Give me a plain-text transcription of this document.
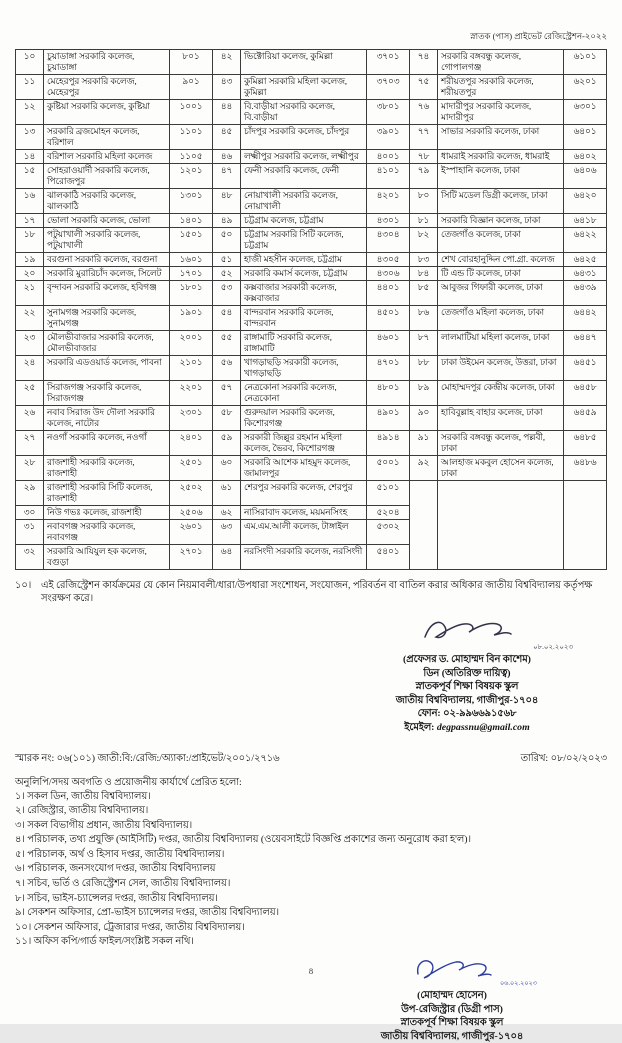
স্নাতক (পাস) প্রাইভেট রেজিস্ট্রেশন-২০২২
১০	চুয়াডাঙ্গা সরকারি কলেজ, চুয়াডাঙ্গা	৮০১	৪২	ভিক্টোরিয়া কলেজ, কুমিল্লা	৩৭০১	৭৪	সরকারি বঙ্গবন্ধু কলেজ, গোপালগঞ্জ	৬১০১
১১	মেহেরপুর সরকারি কলেজ, মেহেরপুর	৯০১	৪৩	কুমিল্লা সরকারি মহিলা কলেজ, কুমিল্লা	৩৭০৩	৭৫	শরীয়তপুর সরকারি কলেজ, শরীয়তপুর	৬২০১
১২	কুষ্টিয়া সরকারি কলেজ, কুষ্টিয়া	১০০১	৪৪	বি.বাড়ীয়া সরকারি কলেজ, বি.বাড়ীয়া	৩৮০১	৭৬	মাদারীপুর সরকারি কলেজ, মাদারীপুর	৬৩০১
১৩	সরকারি ব্রজমোহন কলেজ, বরিশাল	১১০১	৪৫	চাঁদপুর সরকারি কলেজ, চাঁদপুর	৩৯০১	৭৭	সাভার সরকারি কলেজ, ঢাকা	৬৪০১
১৪	বরিশাল সরকারি মহিলা কলেজ	১১০৫	৪৬	লক্ষ্মীপুর সরকারি কলেজ, লক্ষ্মীপুর	৪০০১	৭৮	ধামরাই সরকারি কলেজ, ধামরাই	৬৪০২
১৫	সোহরাওয়ার্দী সরকারি কলেজ, পিরোজপুর	১২০১	৪৭	ফেনী সরকারি কলেজ, ফেনী	৪১০১	৭৯	ইস্পাহানি কলেজ, ঢাকা	৬৪০৬
১৬	ঝালকাঠি সরকারি কলেজ, ঝালকাঠি	১৩০১	৪৮	নোয়াখালী সরকারি কলেজ, নোয়াখালী	৪২০১	৮০	সিটি মডেল ডিগ্রী কলেজ, ঢাকা	৬৪২০
১৭	ভোলা সরকারি কলেজ, ভোলা	১৪০১	৪৯	চট্টগ্রাম কলেজ, চট্টগ্রাম	৪৩০১	৮১	সরকারি বিজ্ঞান কলেজ, ঢাকা	৬৪১৮
১৮	পটুয়াখালী সরকারি কলেজ, পটুয়াখালী	১৫০১	৫০	চট্টগ্রাম সরকারি সিটি কলেজ, চট্টগ্রাম	৪৩০৪	৮২	তেজগাঁও কলেজ, ঢাকা	৬৪২২
১৯	বরগুনা সরকারি কলেজ, বরগুনা	১৬০১	৫১	হাজী মহসীন কলেজ, চট্টগ্রাম	৪৩০৫	৮৩	শেখ বোরহানুদ্দিন পো.গ্রা. কলেজ	৬৪২৫
২০	সরকারি মুরারিচাঁদ কলেজ, সিলেট	১৭০১	৫২	সরকারি কমার্স কলেজ, চট্টগ্রাম	৪৩০৬	৮৪	টি এন্ড টি কলেজ, ঢাকা	৬৪৩১
২১	বৃন্দাবন সরকারি কলেজ, হবিগঞ্জ	১৮০১	৫৩	কক্সবাজার সরকারী কলেজ, কক্সবাজার	৪৪০১	৮৫	আবুজর গিফারী কলেজ, ঢাকা	৬৪৩৯
২২	সুনামগঞ্জ সরকারি কলেজ, সুনামগঞ্জ	১৯০১	৫৪	বান্দরবান সরকারি কলেজ, বান্দরবান	৪৫০১	৮৬	তেজগাঁও মহিলা কলেজ, ঢাকা	৬৪৪২
২৩	মৌলভীবাজার সরকারি কলেজ, মৌলভীবাজার	২০০১	৫৫	রাঙ্গামাটি সরকারি কলেজ, রাঙ্গামাটি	৪৬০১	৮৭	লালমাটিয়া মহিলা কলেজ, ঢাকা	৬৪৪৭
২৪	সরকারি এডওয়ার্ড কলেজ, পাবনা	২১০১	৫৬	খাগড়াছড়ি সরকারী কলেজ, খাগড়াছড়ি	৪৭০১	৮৮	ঢাকা উইমেন কলেজ, উত্তরা, ঢাকা	৬৪৫১
২৫	সিরাজগঞ্জ সরকারি কলেজ, সিরাজগঞ্জ	২২০১	৫৭	নেত্রকোনা সরকারি কলেজ, নেত্রকোনা	৪৮০১	৮৯	মোহাম্মদপুর কেন্দ্রীয় কলেজ, ঢাকা	৬৪৫৮
২৬	নবাব সিরাজ উদ দৌলা সরকারি কলেজ, নাটোর	২৩০১	৫৮	গুরুদয়াল সরকারি কলেজ, কিশোরগঞ্জ	৪৯০১	৯০	হাবিবুল্লাহ বাহার কলেজ, ঢাকা	৬৪৫৯
২৭	নওগাঁ সরকারি কলেজ, নওগাঁ	২৪০১	৫৯	সরকারী জিল্লুর রহমান মহিলা কলেজ, ভৈরব, কিশোরগঞ্জ	৪৯১৪	৯১	সরকারি বঙ্গবন্ধু কলেজ, পল্লবী, ঢাকা	৬৪৮৫
২৮	রাজশাহী সরকারি কলেজ, রাজশাহী	২৫০১	৬০	সরকারি আশেক মাহমুদ কলেজ, জামালপুর	৫০০১	৯২	আলহাজ মকবুল হোসেন কলেজ, ঢাকা	৬৪৮৬
২৯	রাজশাহী সরকারি সিটি কলেজ, রাজশাহী	২৫০২	৬১	শেরপুর সরকারি কলেজ, শেরপুর	৫১০১			
৩০	নিউ গভঃ কলেজ, রাজশাহী	২৫০৬	৬২	নাসিরাবাদ কলেজ, ময়মনসিংহ	৫২০৪			
৩১	নবাবগঞ্জ সরকারি কলেজ, নবাবগঞ্জ	২৬০১	৬৩	এম.এম.আলী কলেজ, টাঙ্গাইল	৫৩০২			
৩২	সরকারি আযিযুল হক কলেজ, বগুড়া	২৭০১	৬৪	নরসিংদী সরকারি কলেজ, নরসিংদী	৫৪০১			
১০। এই রেজিস্ট্রেশন কার্যক্রমের যে কোন নিয়মাবলী/ধারা/উপধারা সংশোধন, সংযোজন, পরিবর্তন বা বাতিল করার অধিকার জাতীয় বিশ্ববিদ্যালয় কর্তৃপক্ষ সংরক্ষণ করে।
০৮.০২.২০২৩
(প্রফেসর ড. মোহাম্মদ বিন কাশেম)
ডিন (অতিরিক্ত দায়িত্ব)
স্নাতকপূর্ব শিক্ষা বিষয়ক স্কুল
জাতীয় বিশ্ববিদ্যালয়, গাজীপুর-১৭০৪
ফোন: ০২-৯৯৬৬৯১৫৬৮
ইমেইল: degpassnu@gmail.com
স্মারক নং: ০৬(১০১) জাতী:বি:/রেজি:/অ্যাকা:/প্রাইভেট/২০০১/২৭১৬	তারিখ: ০৮/০২/২০২৩
অনুলিপি/সদয় অবগতি ও প্রয়োজনীয় কার্যার্থে প্রেরিত হলো:
১। সকল ডিন, জাতীয় বিশ্ববিদ্যালয়।
২। রেজিস্ট্রার, জাতীয় বিশ্ববিদ্যালয়।
৩। সকল বিভাগীয় প্রধান, জাতীয় বিশ্ববিদ্যালয়।
৪। পরিচালক, তথ্য প্রযুক্তি (আইসিটি) দপ্তর, জাতীয় বিশ্ববিদ্যালয় (ওয়েবসাইটে বিজ্ঞপ্তি প্রকাশের জন্য অনুরোধ করা হ'ল)।
৫। পরিচালক, অর্থ ও হিসাব দপ্তর, জাতীয় বিশ্ববিদ্যালয়।
৬। পরিচালক, জনসংযোগ দপ্তর, জাতীয় বিশ্ববিদ্যালয়
৭। সচিব, ভর্তি ও রেজিস্ট্রেশন সেল, জাতীয় বিশ্ববিদ্যালয়।
৮। সচিব, ভাইস-চ্যান্সেলর দপ্তর, জাতীয় বিশ্ববিদ্যালয়।
৯। সেকশন অফিসার, প্রো-ভাইস চ্যান্সেলর দপ্তর, জাতীয় বিশ্ববিদ্যালয়।
১০। সেকশন অফিসার, ট্রেজারার দপ্তর, জাতীয় বিশ্ববিদ্যালয়।
১১। অফিস কপি/গার্ড ফাইল/সংশ্লিষ্ট সকল নথি।
০৬.০২.২০২৩
(মোহাম্মদ হোসেন)
উপ-রেজিস্ট্রার (ডিগ্রী পাস)
স্নাতকপূর্ব শিক্ষা বিষয়ক স্কুল
জাতীয় বিশ্ববিদ্যালয়, গাজীপুর-১৭০৪
8
